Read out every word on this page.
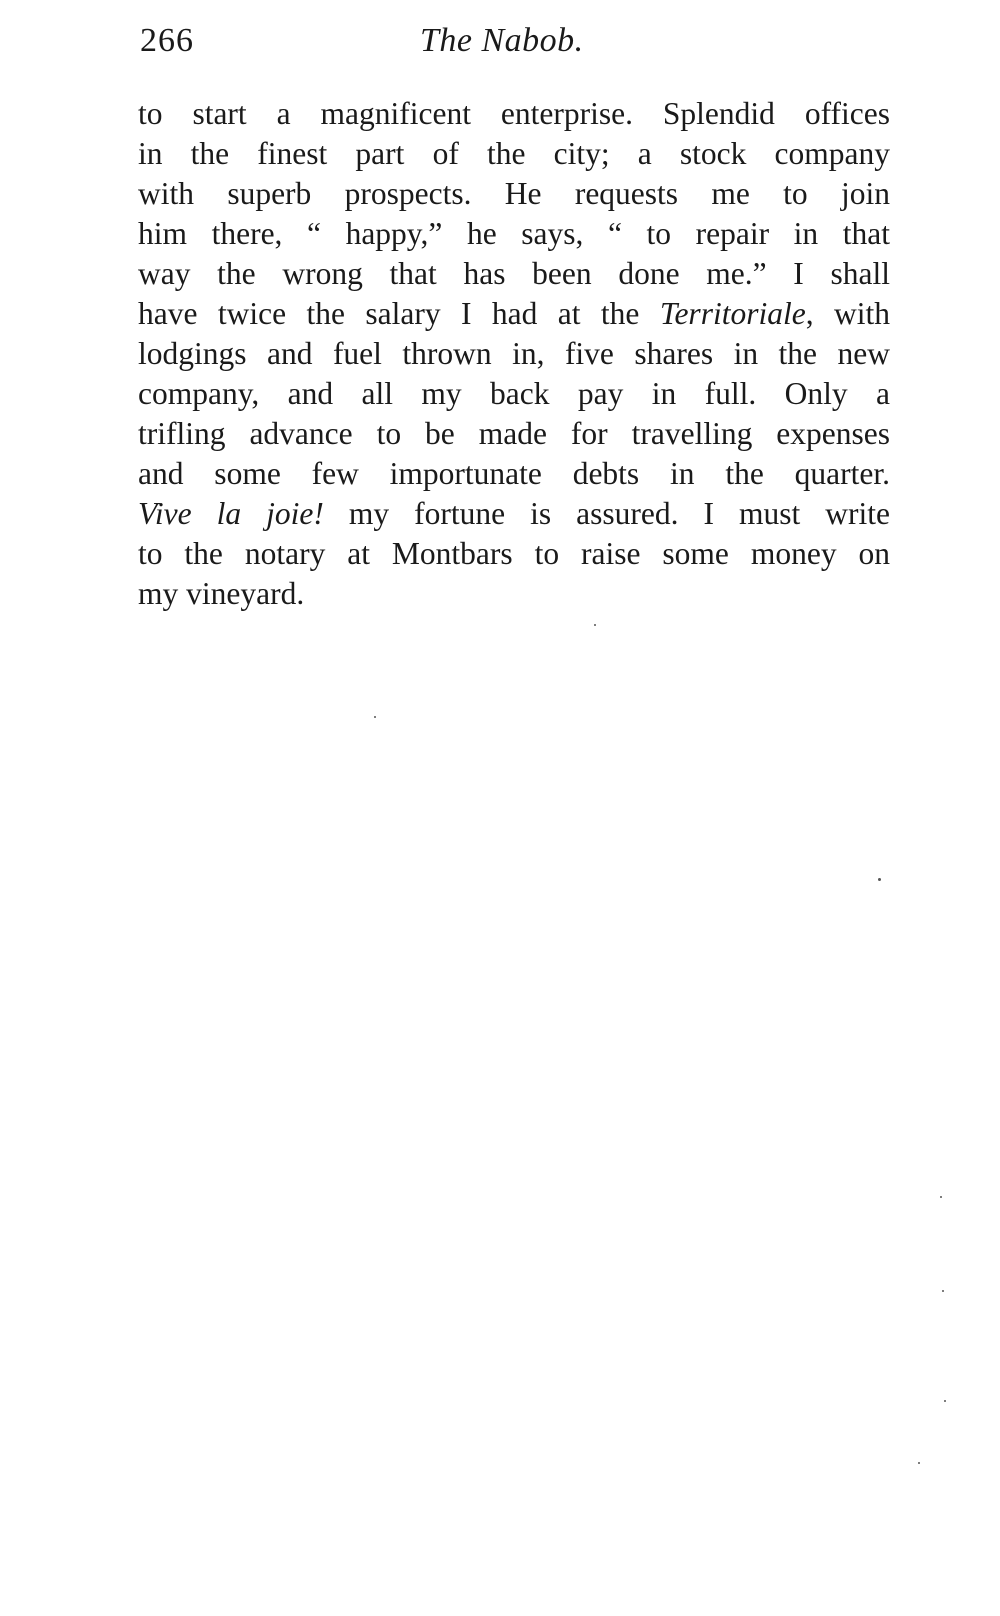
266	The Nabob.
to start a magnificent enterprise. Splendid offices
in the finest part of the city; a stock company
with superb prospects. He requests me to join
him there, “ happy,” he says, “ to repair in that
way the wrong that has been done me.” I shall
have twice the salary I had at the Territoriale, with
lodgings and fuel thrown in, five shares in the new
company, and all my back pay in full. Only a
trifling advance to be made for travelling expenses
and some few importunate debts in the quarter.
Vive la joie! my fortune is assured. I must write
to the notary at Montbars to raise some money on
my vineyard.
